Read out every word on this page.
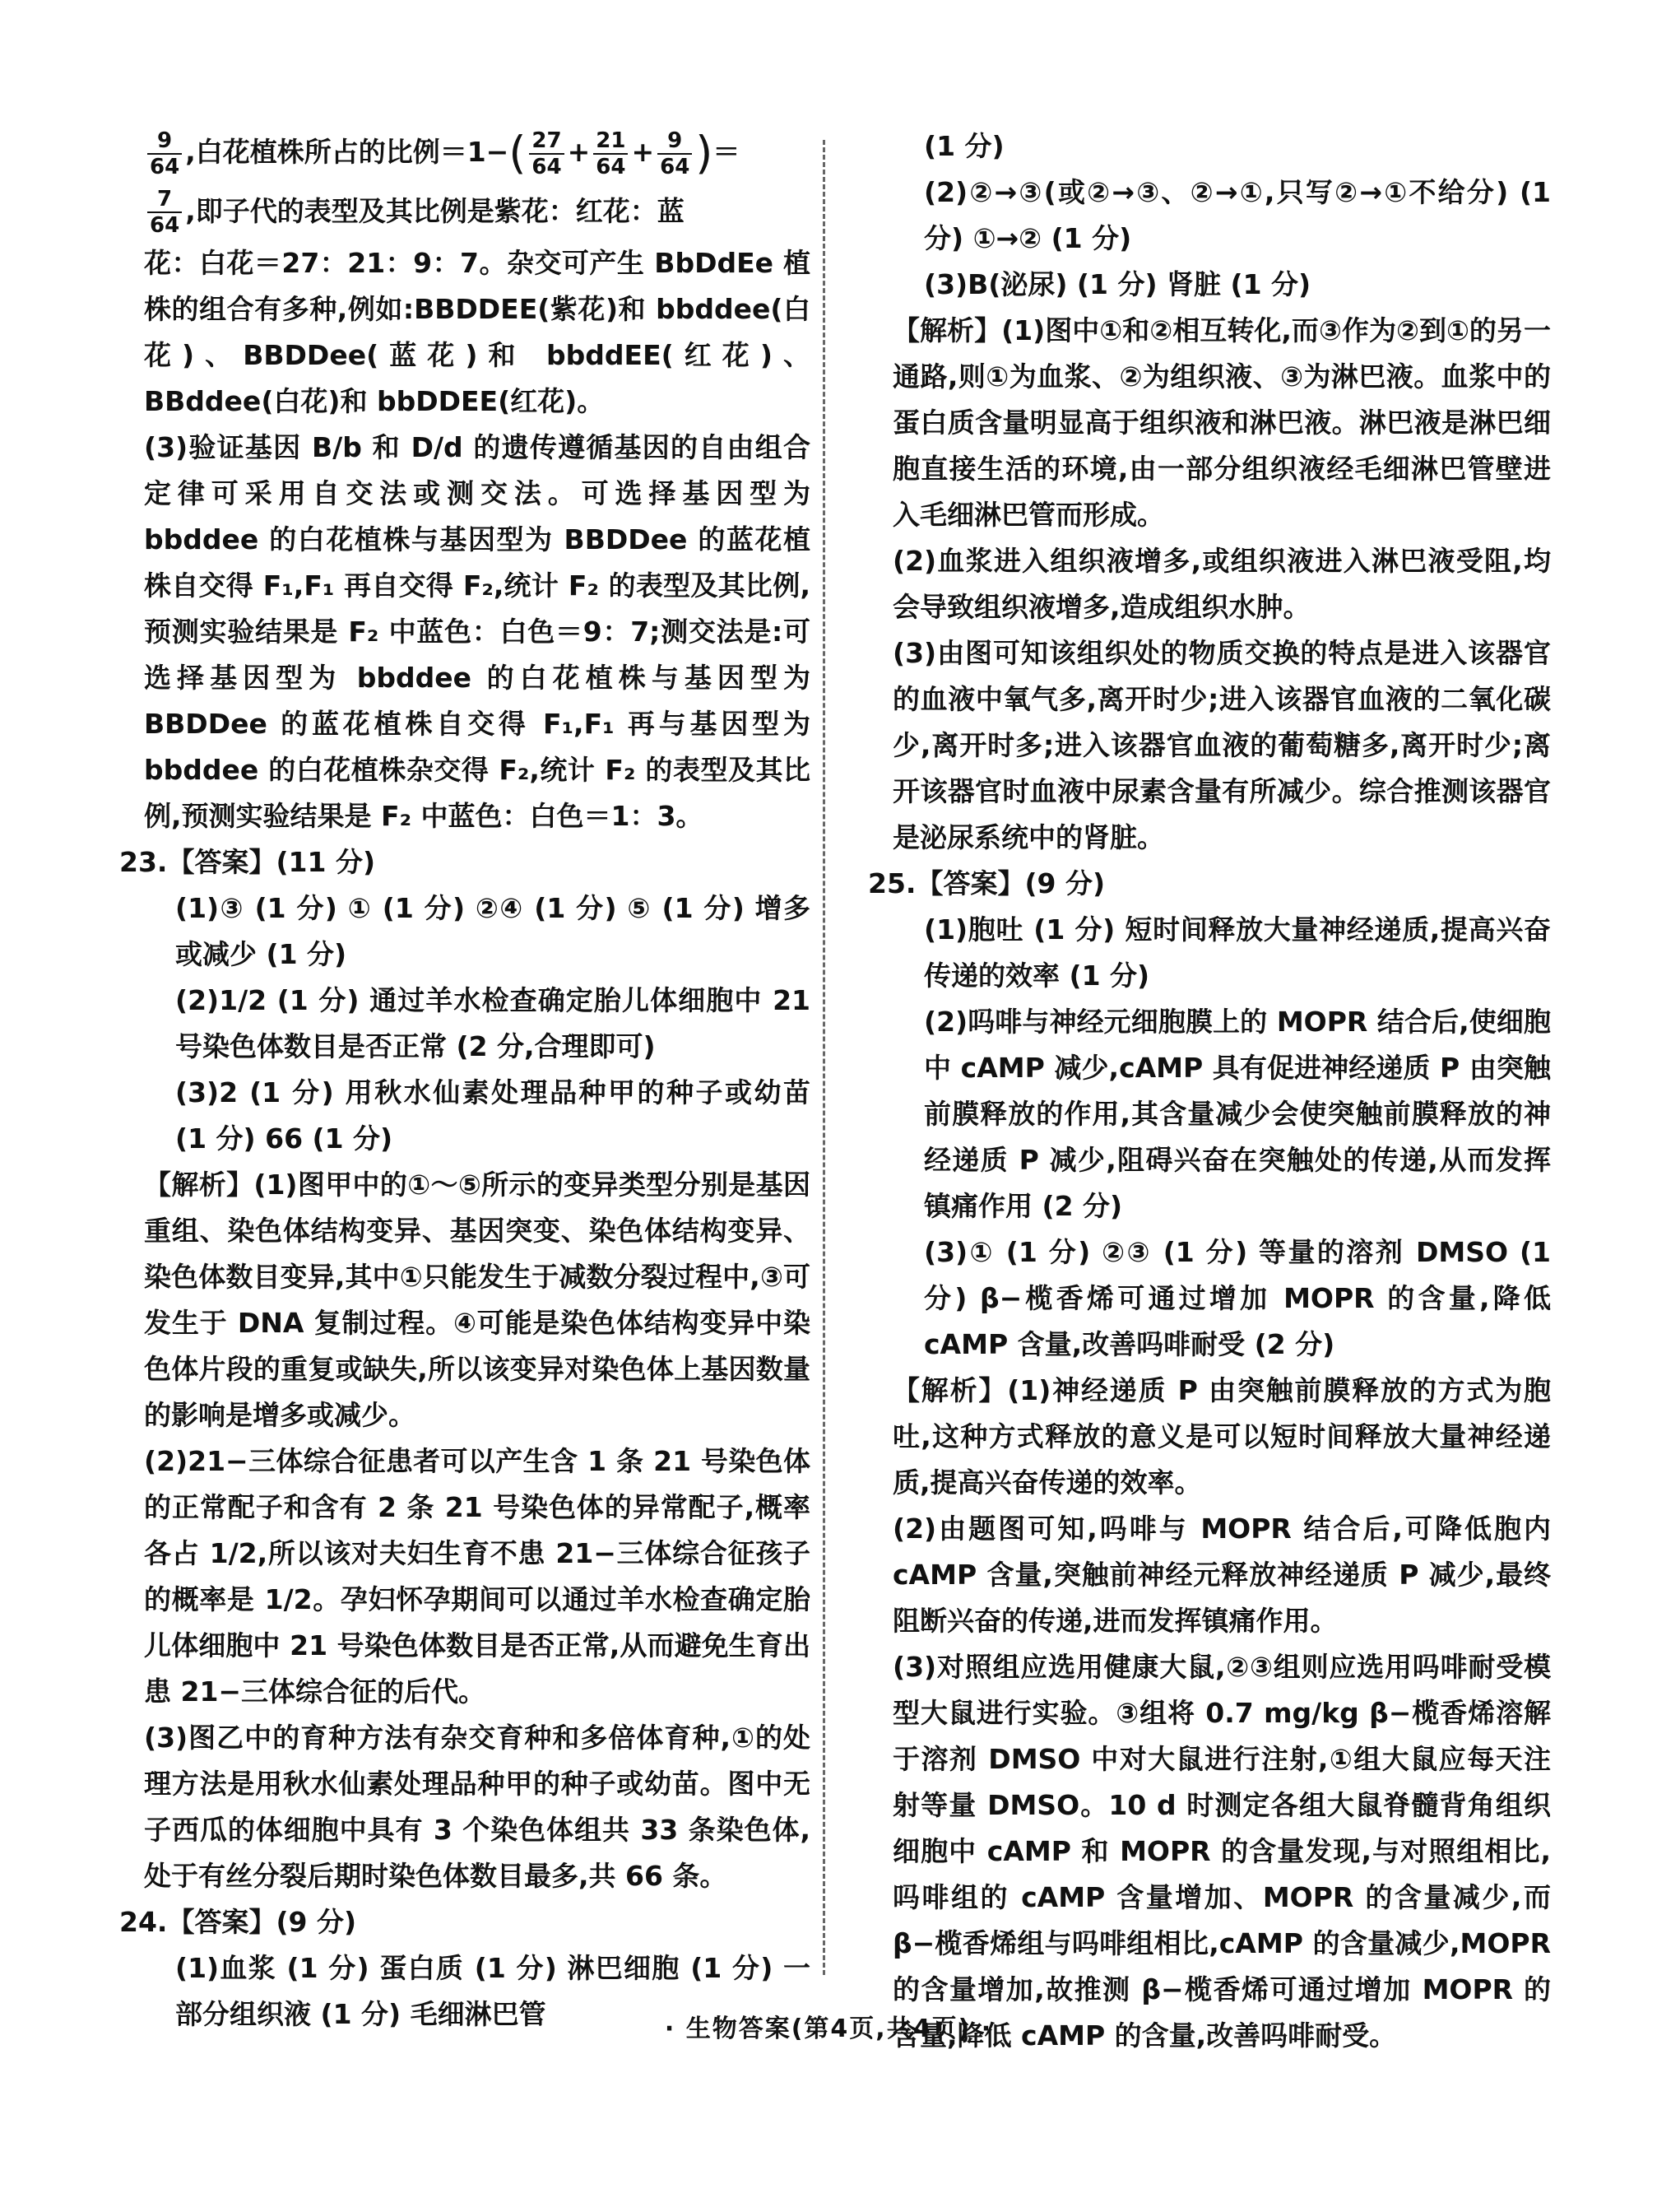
$\frac{9}{64}$ ,白花植株所占的比例$=1-( \frac{27}{64} + \frac{21}{64} + \frac{9}{64}$ )＝
$\frac{7}{64}$ ,即子代的表型及其比例是紫花：红花：蓝

花：白花＝27：21：9：7。杂交可产生 BbDdEe 植株的组合有多种,例如:BBDDEE(紫花)和 bbddee(白花)、BBDDee(蓝花)和 bbddEE(红花)、BBddee(白花)和 bbDDEE(红花)。

(3)验证基因 B/b 和 D/d 的遗传遵循基因的自由组合定律可采用自交法或测交法。可选择基因型为 bbddee 的白花植株与基因型为 BBDDee 的蓝花植株自交得 F₁,F₁ 再自交得 F₂,统计 F₂ 的表型及其比例,预测实验结果是 F₂ 中蓝色：白色＝9：7;测交法是:可选择基因型为 bbddee 的白花植株与基因型为 BBDDee 的蓝花植株自交得 F₁,F₁ 再与基因型为 bbddee 的白花植株杂交得 F₂,统计 F₂ 的表型及其比例,预测实验结果是 F₂ 中蓝色：白色＝1：3。

23.【答案】(11 分)

(1)③ (1 分) ① (1 分) ②④ (1 分) ⑤ (1 分) 增多或减少 (1 分)

(2)1/2 (1 分) 通过羊水检查确定胎儿体细胞中 21 号染色体数目是否正常 (2 分,合理即可)

(3)2 (1 分) 用秋水仙素处理品种甲的种子或幼苗 (1 分) 66 (1 分)

【解析】(1)图甲中的①～⑤所示的变异类型分别是基因重组、染色体结构变异、基因突变、染色体结构变异、染色体数目变异,其中①只能发生于减数分裂过程中,③可发生于 DNA 复制过程。④可能是染色体结构变异中染色体片段的重复或缺失,所以该变异对染色体上基因数量的影响是增多或减少。

(2)21−三体综合征患者可以产生含 1 条 21 号染色体的正常配子和含有 2 条 21 号染色体的异常配子,概率各占 1/2,所以该对夫妇生育不患 21−三体综合征孩子的概率是 1/2。孕妇怀孕期间可以通过羊水检查确定胎儿体细胞中 21 号染色体数目是否正常,从而避免生育出患 21−三体综合征的后代。

(3)图乙中的育种方法有杂交育种和多倍体育种,①的处理方法是用秋水仙素处理品种甲的种子或幼苗。图中无子西瓜的体细胞中具有 3 个染色体组共 33 条染色体,处于有丝分裂后期时染色体数目最多,共 66 条。

24.【答案】(9 分)

(1)血浆 (1 分) 蛋白质 (1 分) 淋巴细胞 (1 分) 一部分组织液 (1 分) 毛细淋巴管

(1 分)

(2)②→③(或②→③、②→①,只写②→①不给分) (1 分) ①→② (1 分)

(3)B(泌尿) (1 分) 肾脏 (1 分)

【解析】(1)图中①和②相互转化,而③作为②到①的另一通路,则①为血浆、②为组织液、③为淋巴液。血浆中的蛋白质含量明显高于组织液和淋巴液。淋巴液是淋巴细胞直接生活的环境,由一部分组织液经毛细淋巴管壁进入毛细淋巴管而形成。

(2)血浆进入组织液增多,或组织液进入淋巴液受阻,均会导致组织液增多,造成组织水肿。

(3)由图可知该组织处的物质交换的特点是进入该器官的血液中氧气多,离开时少;进入该器官血液的二氧化碳少,离开时多;进入该器官血液的葡萄糖多,离开时少;离开该器官时血液中尿素含量有所减少。综合推测该器官是泌尿系统中的肾脏。

25.【答案】(9 分)

(1)胞吐 (1 分) 短时间释放大量神经递质,提高兴奋传递的效率 (1 分)

(2)吗啡与神经元细胞膜上的 MOPR 结合后,使细胞中 cAMP 减少,cAMP 具有促进神经递质 P 由突触前膜释放的作用,其含量减少会使突触前膜释放的神经递质 P 减少,阻碍兴奋在突触处的传递,从而发挥镇痛作用 (2 分)

(3)① (1 分) ②③ (1 分) 等量的溶剂 DMSO (1 分) β−榄香烯可通过增加 MOPR 的含量,降低 cAMP 含量,改善吗啡耐受 (2 分)

【解析】(1)神经递质 P 由突触前膜释放的方式为胞吐,这种方式释放的意义是可以短时间释放大量神经递质,提高兴奋传递的效率。

(2)由题图可知,吗啡与 MOPR 结合后,可降低胞内 cAMP 含量,突触前神经元释放神经递质 P 减少,最终阻断兴奋的传递,进而发挥镇痛作用。

(3)对照组应选用健康大鼠,②③组则应选用吗啡耐受模型大鼠进行实验。③组将 0.7 mg/kg β−榄香烯溶解于溶剂 DMSO 中对大鼠进行注射,①组大鼠应每天注射等量 DMSO。10 d 时测定各组大鼠脊髓背角组织细胞中 cAMP 和 MOPR 的含量发现,与对照组相比,吗啡组的 cAMP 含量增加、MOPR 的含量减少,而 β−榄香烯组与吗啡组相比,cAMP 的含量减少,MOPR 的含量增加,故推测 β−榄香烯可通过增加 MOPR 的含量,降低 cAMP 的含量,改善吗啡耐受。

· 生物答案(第4页,共4页) ·
